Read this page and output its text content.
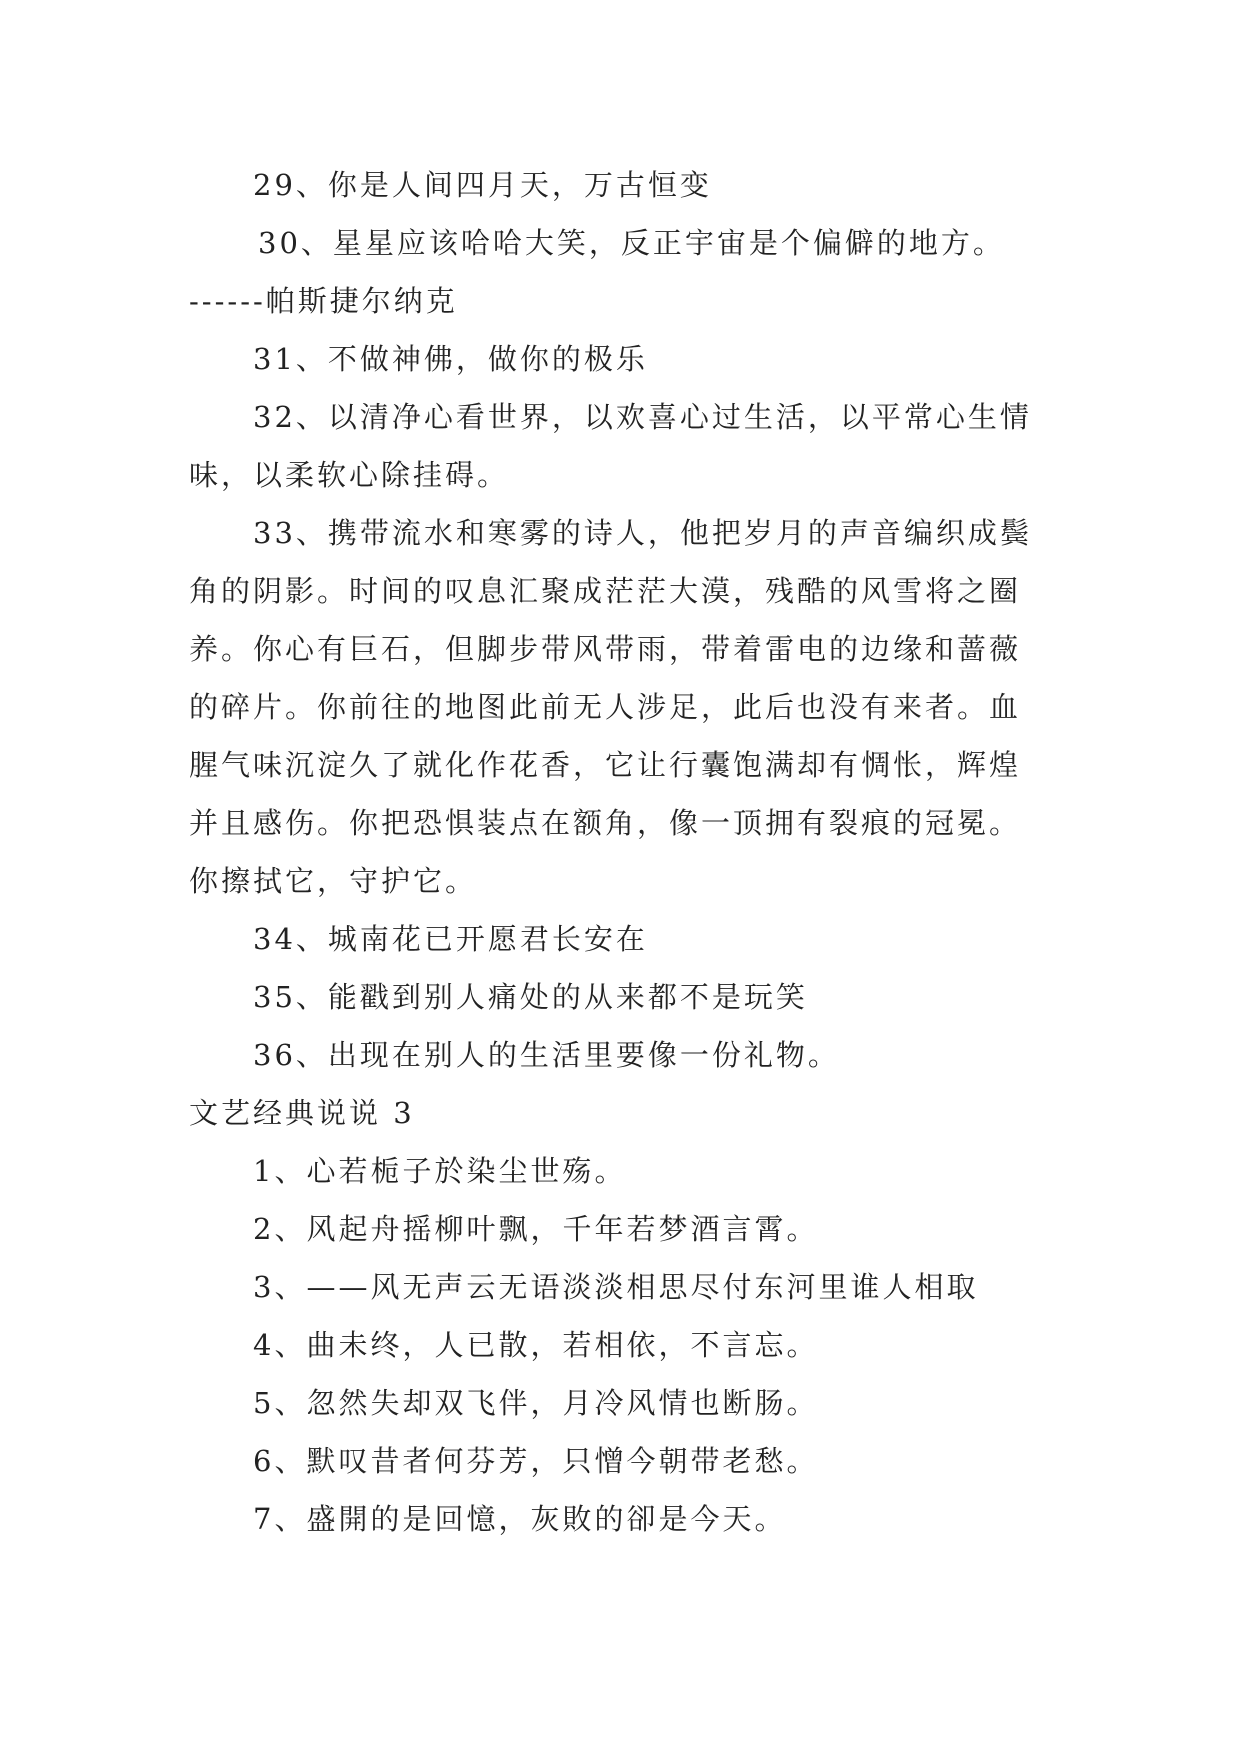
29、你是人间四月天，万古恒变
30、星星应该哈哈大笑，反正宇宙是个偏僻的地方。
------帕斯捷尔纳克
31、不做神佛，做你的极乐
32、以清净心看世界，以欢喜心过生活，以平常心生情
味，以柔软心除挂碍。
33、携带流水和寒雾的诗人，他把岁月的声音编织成鬓
角的阴影。时间的叹息汇聚成茫茫大漠，残酷的风雪将之圈
养。你心有巨石，但脚步带风带雨，带着雷电的边缘和蔷薇
的碎片。你前往的地图此前无人涉足，此后也没有来者。血
腥气味沉淀久了就化作花香，它让行囊饱满却有惆怅，辉煌
并且感伤。你把恐惧装点在额角，像一顶拥有裂痕的冠冕。
你擦拭它，守护它。
34、城南花已开愿君长安在
35、能戳到别人痛处的从来都不是玩笑
36、出现在别人的生活里要像一份礼物。
文艺经典说说 3
1、心若栀子於染尘世殇。
2、风起舟摇柳叶飘，千年若梦酒言霄。
3、——风无声云无语淡淡相思尽付东河里谁人相取
4、曲未终，人已散，若相依，不言忘。
5、忽然失却双飞伴，月冷风情也断肠。
6、默叹昔者何芬芳，只憎今朝带老愁。
7、盛開的是回憶，灰敗的卻是今天。
